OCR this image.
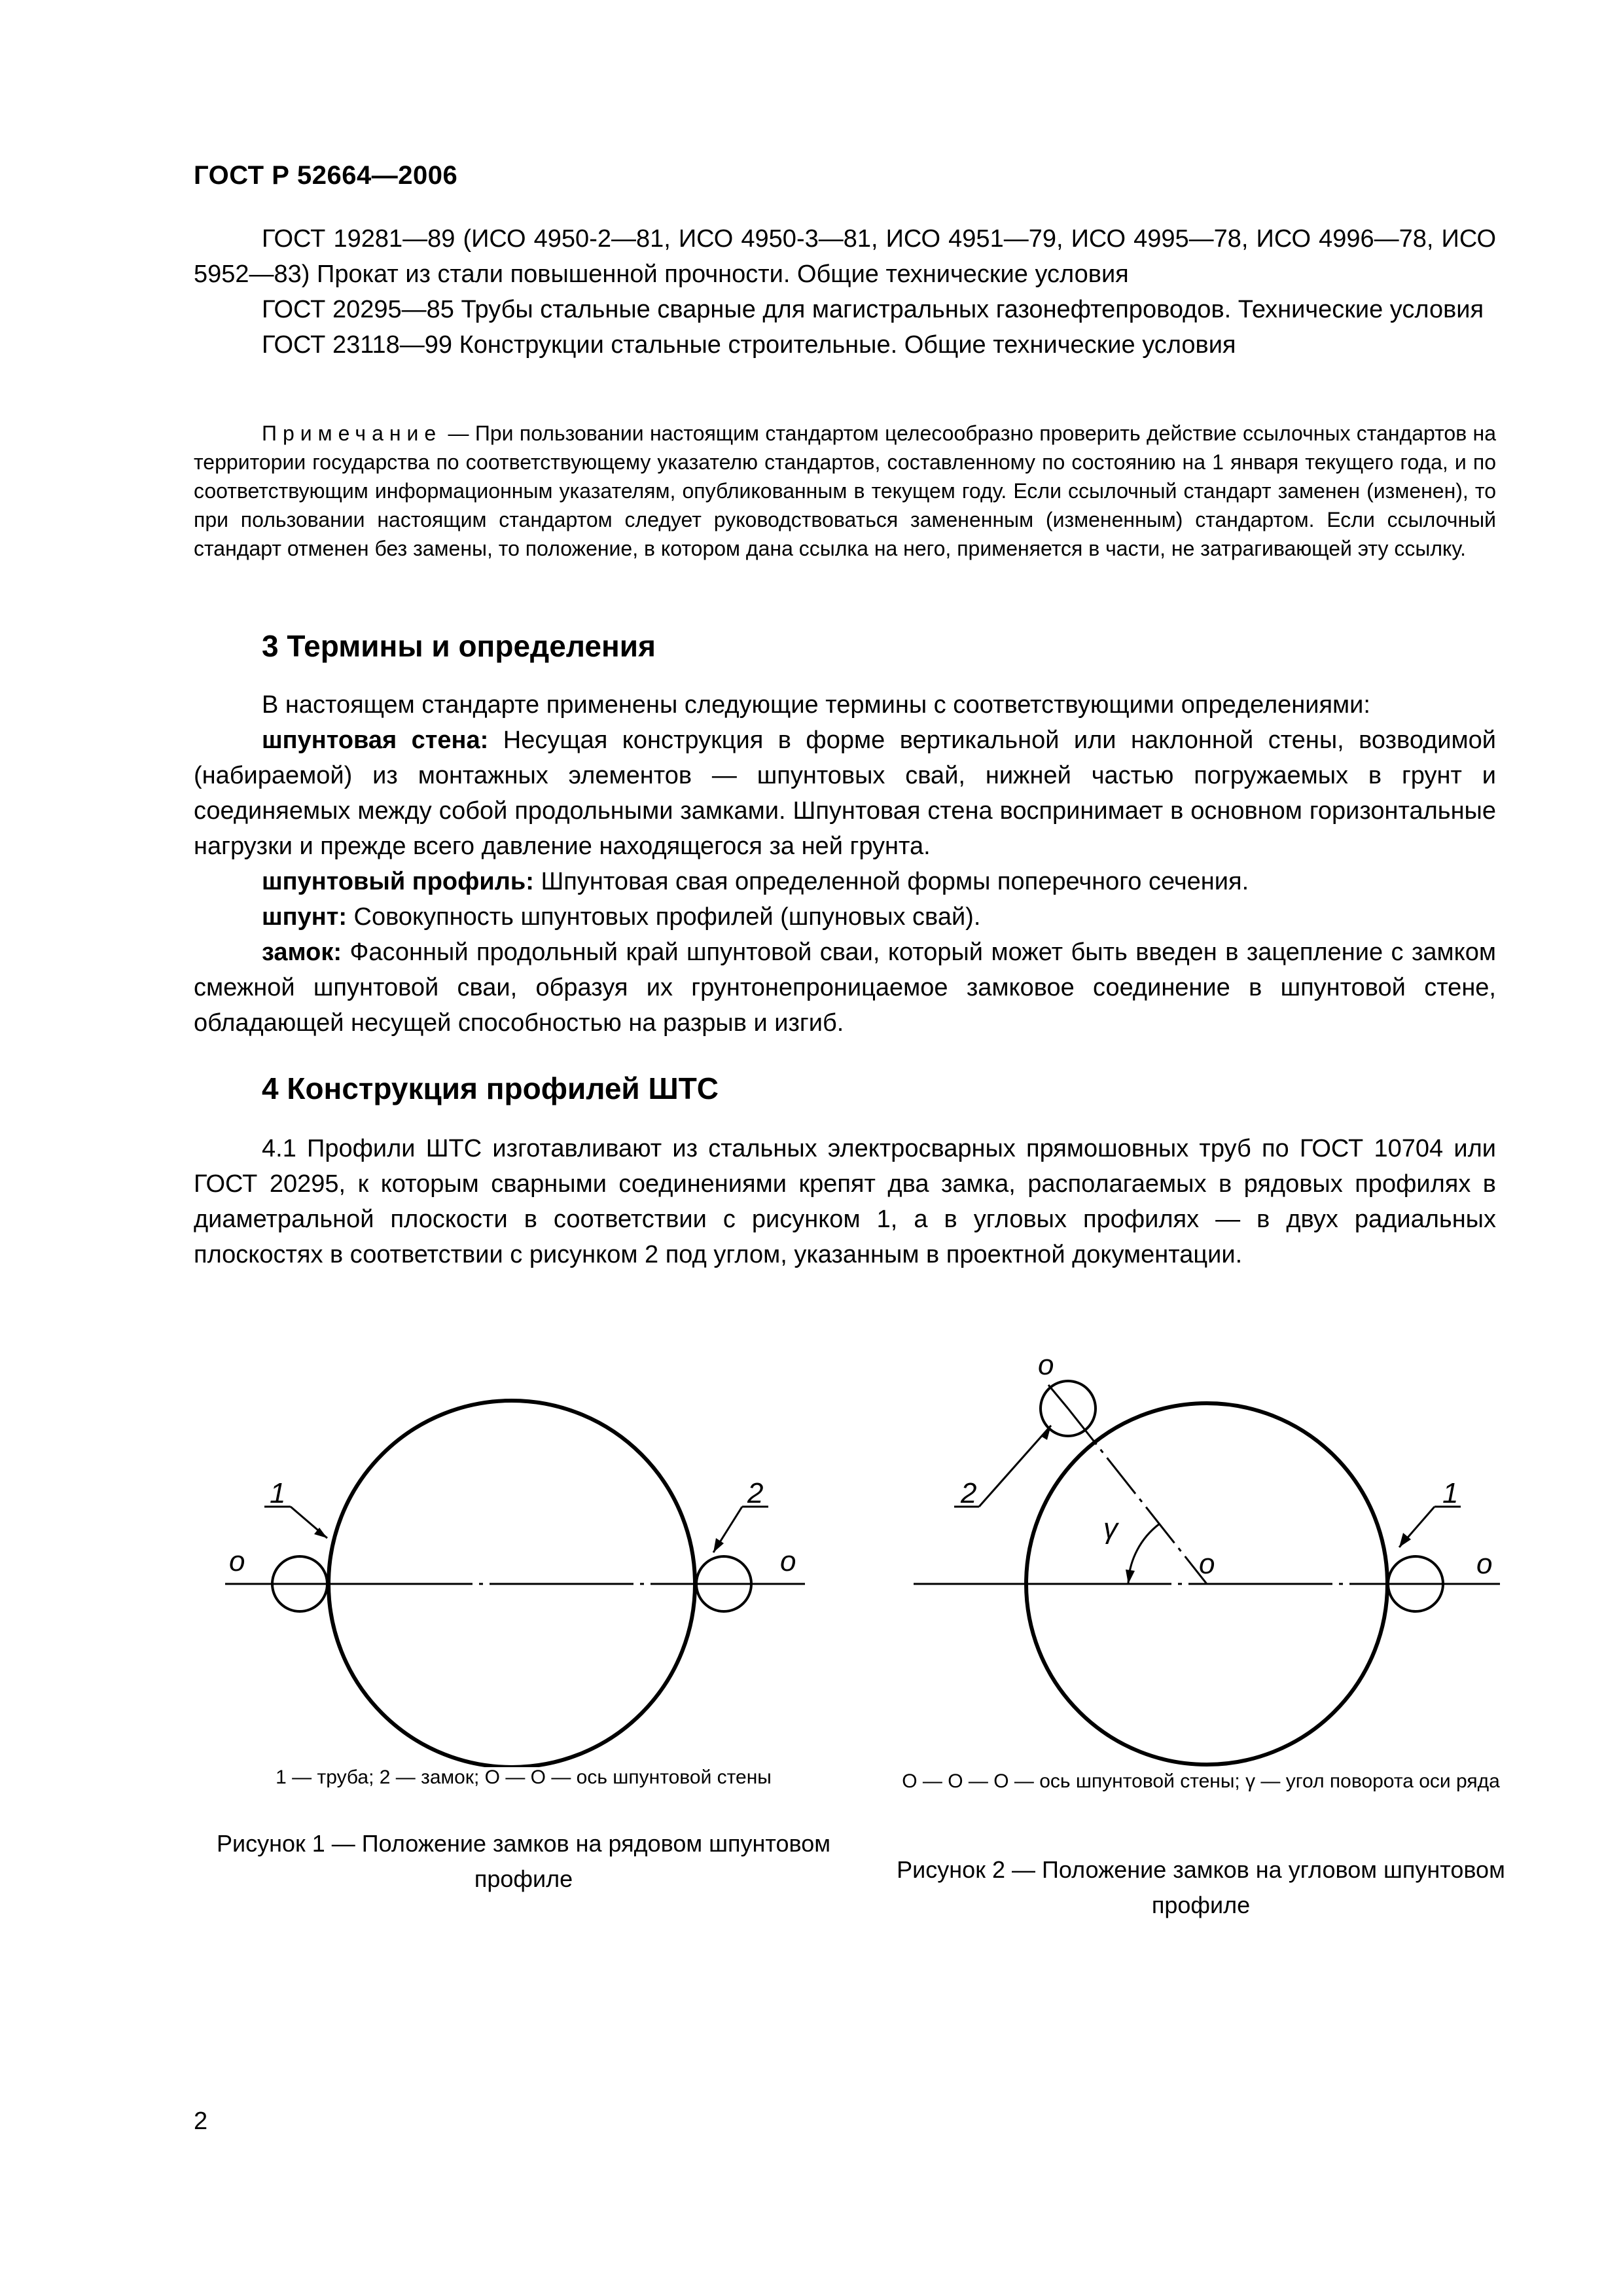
ГОСТ Р 52664—2006

ГОСТ 19281—89 (ИСО 4950-2—81, ИСО 4950-3—81, ИСО 4951—79, ИСО 4995—78, ИСО 4996—78, ИСО 5952—83) Прокат из стали повышенной прочности. Общие технические условия

ГОСТ 20295—85 Трубы стальные сварные для магистральных газонефтепроводов. Технические условия

ГОСТ 23118—99 Конструкции стальные строительные. Общие технические условия

Примечание — При пользовании настоящим стандартом целесообразно проверить действие ссылочных стандартов на территории государства по соответствующему указателю стандартов, составленному по состоянию на 1 января текущего года, и по соответствующим информационным указателям, опубликованным в текущем году. Если ссылочный стандарт заменен (изменен), то при пользовании настоящим стандартом следует руководствоваться замененным (измененным) стандартом. Если ссылочный стандарт отменен без замены, то положение, в котором дана ссылка на него, применяется в части, не затрагивающей эту ссылку.
3 Термины и определения

В настоящем стандарте применены следующие термины с соответствующими определениями:

шпунтовая стена: Несущая конструкция в форме вертикальной или наклонной стены, возводимой (набираемой) из монтажных элементов — шпунтовых свай, нижней частью погружаемых в грунт и соединяемых между собой продольными замками. Шпунтовая стена воспринимает в основном горизонтальные нагрузки и прежде всего давление находящегося за ней грунта.

шпунтовый профиль: Шпунтовая свая определенной формы поперечного сечения.

шпунт: Совокупность шпунтовых профилей (шпуновых свай).

замок: Фасонный продольный край шпунтовой сваи, который может быть введен в зацепление с замком смежной шпунтовой сваи, образуя их грунтонепроницаемое замковое соединение в шпунтовой стене, обладающей несущей способностью на разрыв и изгиб.

4 Конструкция профилей ШТС

4.1 Профили ШТС изготавливают из стальных электросварных прямошовных труб по ГОСТ 10704 или ГОСТ 20295, к которым сварными соединениями крепят два замка, располагаемых в рядовых профилях в диаметральной плоскости в соответствии с рисунком 1, а в угловых профилях — в двух радиальных плоскостях в соответствии с рисунком 2 под углом, указанным в проектной документации.

1	2
о	о
2	1
о
о	о
γ
1 — труба; 2 — замок; О — О — ось шпунтовой стены
Рисунок 1 — Положение замков на рядовом шпунтовом профиле
О — О — О — ось шпунтовой стены; γ — угол поворота оси ряда
Рисунок 2 — Положение замков на угловом шпунтовом профиле
2
